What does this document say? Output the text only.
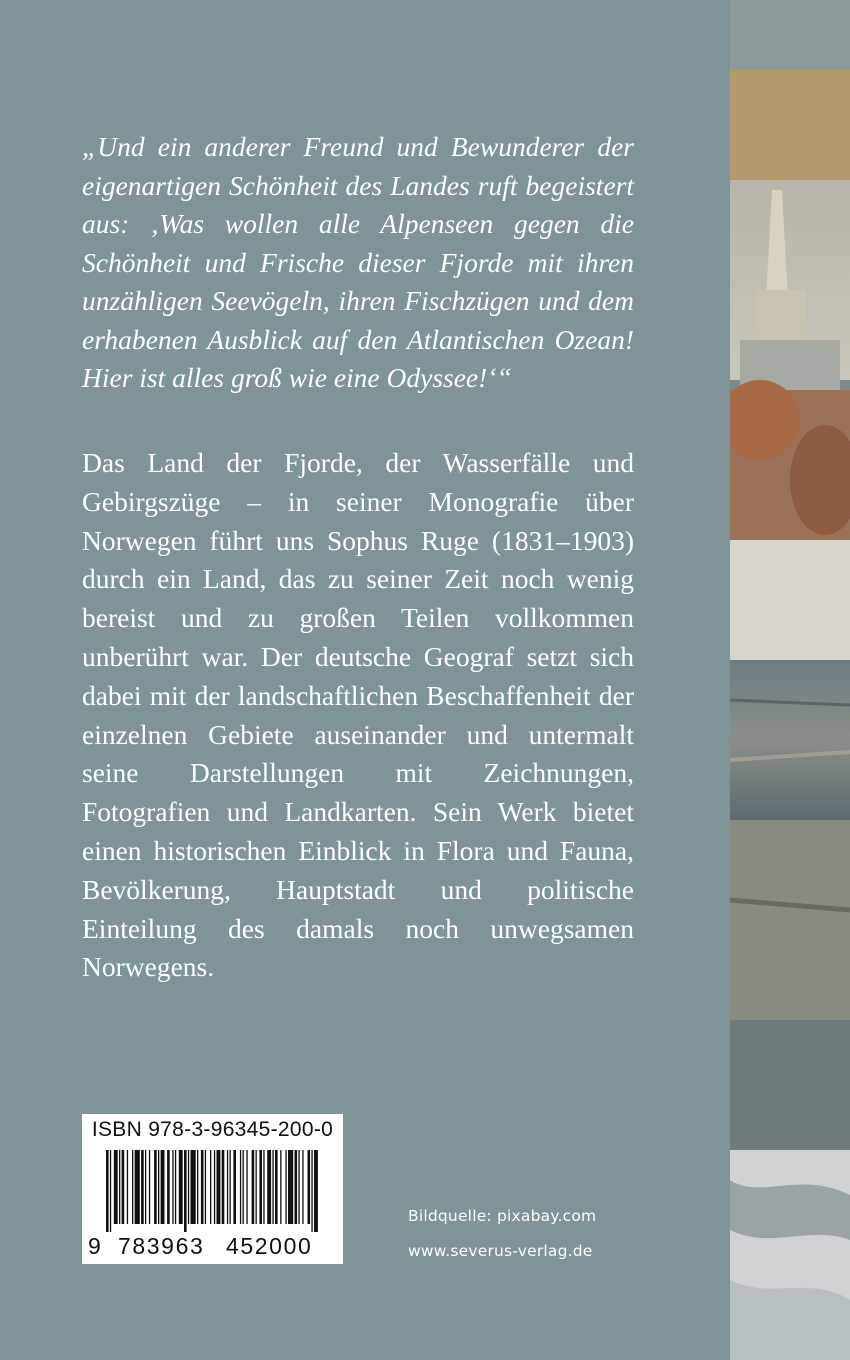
„Und ein anderer Freund und Bewunderer der eigenartigen Schönheit des Landes ruft begeistert aus: ‚Was wollen alle Alpenseen gegen die Schönheit und Frische dieser Fjorde mit ihren unzähligen Seevögeln, ihren Fischzügen und dem erhabenen Ausblick auf den Atlantischen Ozean! Hier ist alles groß wie eine Odyssee!‘“
Das Land der Fjorde, der Wasserfälle und Gebirgszüge – in seiner Monografie über Norwegen führt uns Sophus Ruge (1831–1903) durch ein Land, das zu seiner Zeit noch wenig bereist und zu großen Teilen vollkommen unberührt war. Der deutsche Geograf setzt sich dabei mit der landschaftlichen Beschaffenheit der einzelnen Gebiete auseinander und untermalt seine Darstellungen mit Zeichnungen, Fotografien und Landkarten. Sein Werk bietet einen historischen Einblick in Flora und Fauna, Bevölkerung, Hauptstadt und politische Einteilung des damals noch unwegsamen Norwegens.
ISBN 978-3-96345-200-0
9 783963 452000
Bildquelle: pixabay.com
www.severus-verlag.de
